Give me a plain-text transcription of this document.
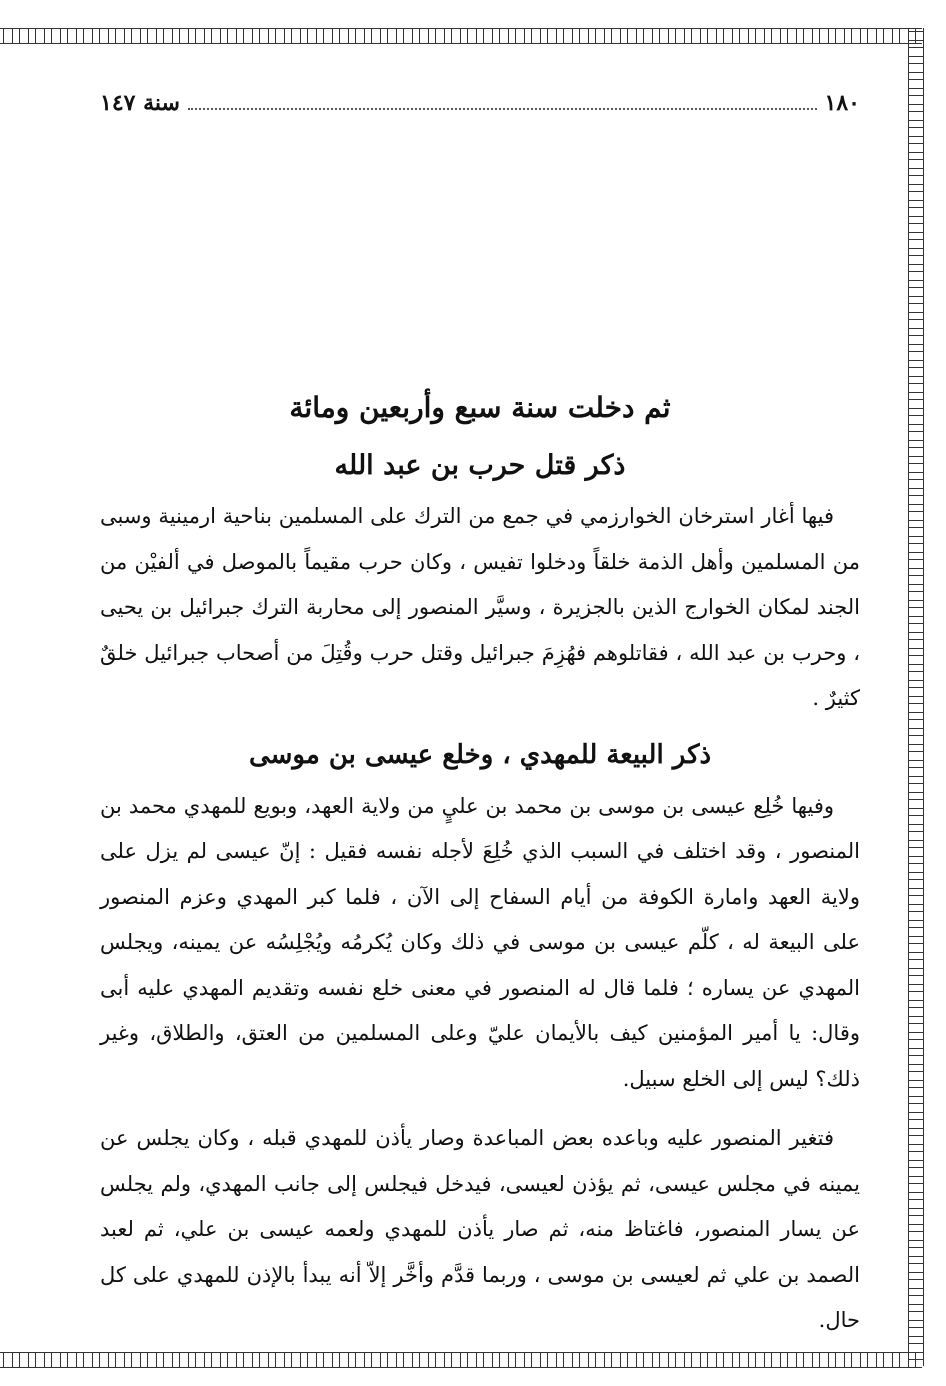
١٨٠
سنة ١٤٧
ثم دخلت سنة سبع وأربعين ومائة
ذكر قتل حرب بن عبد الله

فيها أغار استرخان الخوارزمي في جمع من الترك على المسلمين بناحية ارمينية وسبى من المسلمين وأهل الذمة خلقاً ودخلوا تفيس ، وكان حرب مقيماً بالموصل في ألفيْن من الجند لمكان الخوارج الذين بالجزيرة ، وسيَّر المنصور إلى محاربة الترك جبرائيل بن يحيى ، وحرب بن عبد الله ، فقاتلوهم فهُزِمَ جبرائيل وقتل حرب وقُتِلَ من أصحاب جبرائيل خلقٌ كثيرٌ .

ذكر البيعة للمهدي ، وخلع عيسى بن موسى

وفيها خُلِع عيسى بن موسى بن محمد بن عليٍ من ولاية العهد، وبويع للمهدي محمد بن المنصور ، وقد اختلف في السبب الذي خُلِعَ لأجله نفسه فقيل : إنّ عيسى لم يزل على ولاية العهد وامارة الكوفة من أيام السفاح إلى الآن ، فلما كبر المهدي وعزم المنصور على البيعة له ، كلّم عيسى بن موسى في ذلك وكان يُكرمُه ويُجْلِسُه عن يمينه، ويجلس المهدي عن يساره ؛ فلما قال له المنصور في معنى خلع نفسه وتقديم المهدي عليه أبى وقال: يا أمير المؤمنين كيف بالأيمان عليّ وعلى المسلمين من العتق، والطلاق، وغير ذلك؟ ليس إلى الخلع سبيل.

فتغير المنصور عليه وباعده بعض المباعدة وصار يأذن للمهدي قبله ، وكان يجلس عن يمينه في مجلس عيسى، ثم يؤذن لعيسى، فيدخل فيجلس إلى جانب المهدي، ولم يجلس عن يسار المنصور، فاغتاظ منه، ثم صار يأذن للمهدي ولعمه عيسى بن علي، ثم لعبد الصمد بن علي ثم لعيسى بن موسى ، وربما قدَّم وأخَّر إلاّ أنه يبدأ بالإذن للمهدي على كل حال.
